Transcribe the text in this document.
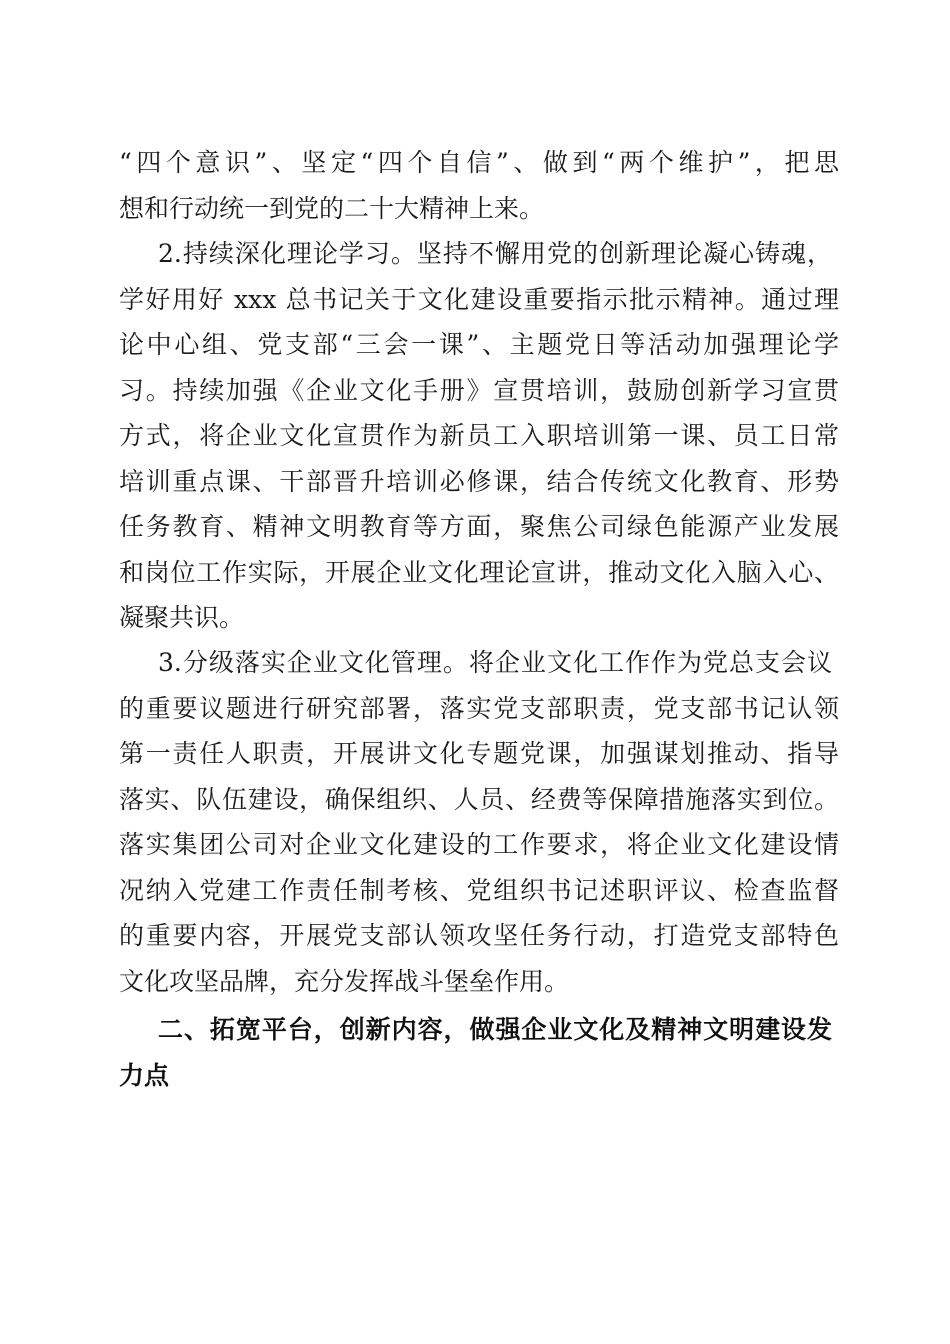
“四个意识”、坚定“四个自信”、做到“两个维护”，把思
想和行动统一到党的二十大精神上来。
2.持续深化理论学习。坚持不懈用党的创新理论凝心铸魂，
学好用好 xxx 总书记关于文化建设重要指示批示精神。通过理
论中心组、党支部“三会一课”、主题党日等活动加强理论学
习。持续加强《企业文化手册》宣贯培训，鼓励创新学习宣贯
方式，将企业文化宣贯作为新员工入职培训第一课、员工日常
培训重点课、干部晋升培训必修课，结合传统文化教育、形势
任务教育、精神文明教育等方面，聚焦公司绿色能源产业发展
和岗位工作实际，开展企业文化理论宣讲，推动文化入脑入心、
凝聚共识。
3.分级落实企业文化管理。将企业文化工作作为党总支会议
的重要议题进行研究部署，落实党支部职责，党支部书记认领
第一责任人职责，开展讲文化专题党课，加强谋划推动、指导
落实、队伍建设，确保组织、人员、经费等保障措施落实到位。
落实集团公司对企业文化建设的工作要求，将企业文化建设情
况纳入党建工作责任制考核、党组织书记述职评议、检查监督
的重要内容，开展党支部认领攻坚任务行动，打造党支部特色
文化攻坚品牌，充分发挥战斗堡垒作用。
二、拓宽平台，创新内容，做强企业文化及精神文明建设发
力点
